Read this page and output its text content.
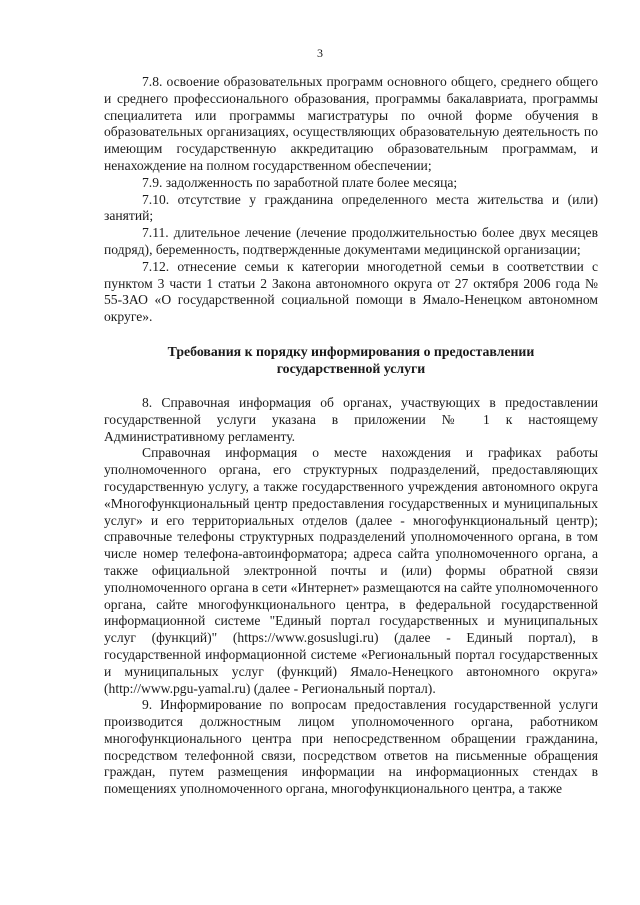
3

7.8. освоение образовательных программ основного общего, среднего общего и среднего профессионального образования, программы бакалавриата, программы специалитета или программы магистратуры по очной форме обучения в образовательных организациях, осуществляющих образовательную деятельность по имеющим государственную аккредитацию образовательным программам, и ненахождение на полном государственном обеспечении;

7.9. задолженность по заработной плате более месяца;

7.10. отсутствие у гражданина определенного места жительства и (или) занятий;

7.11. длительное лечение (лечение продолжительностью более двух месяцев подряд), беременность, подтвержденные документами медицинской организации;

7.12. отнесение семьи к категории многодетной семьи в соответствии с пунктом 3 части 1 статьи 2 Закона автономного округа от 27 октября 2006 года № 55-ЗАО «О государственной социальной помощи в Ямало-Ненецком автономном округе».

Требования к порядку информирования о предоставлении
государственной услуги

8. Справочная информация об органах, участвующих в предоставлении государственной услуги указана в приложении № 1 к настоящему Административному регламенту.

Справочная информация о месте нахождения и графиках работы уполномоченного органа, его структурных подразделений, предоставляющих государственную услугу, а также государственного учреждения автономного округа «Многофункциональный центр предоставления государственных и муниципальных услуг» и его территориальных отделов (далее - многофункциональный центр); справочные телефоны структурных подразделений уполномоченного органа, в том числе номер телефона-автоинформатора; адреса сайта уполномоченного органа, а также официальной электронной почты и (или) формы обратной связи уполномоченного органа в сети «Интернет» размещаются на сайте уполномоченного органа, сайте многофункционального центра, в федеральной государственной информационной системе "Единый портал государственных и муниципальных услуг (функций)" (https://www.gosuslugi.ru) (далее - Единый портал), в государственной информационной системе «Региональный портал государственных и муниципальных услуг (функций) Ямало-Ненецкого автономного округа» (http://www.pgu-yamal.ru) (далее - Региональный портал).

9. Информирование по вопросам предоставления государственной услуги производится должностным лицом уполномоченного органа, работником многофункционального центра при непосредственном обращении гражданина, посредством телефонной связи, посредством ответов на письменные обращения граждан, путем размещения информации на информационных стендах в помещениях уполномоченного органа, многофункционального центра, а также
